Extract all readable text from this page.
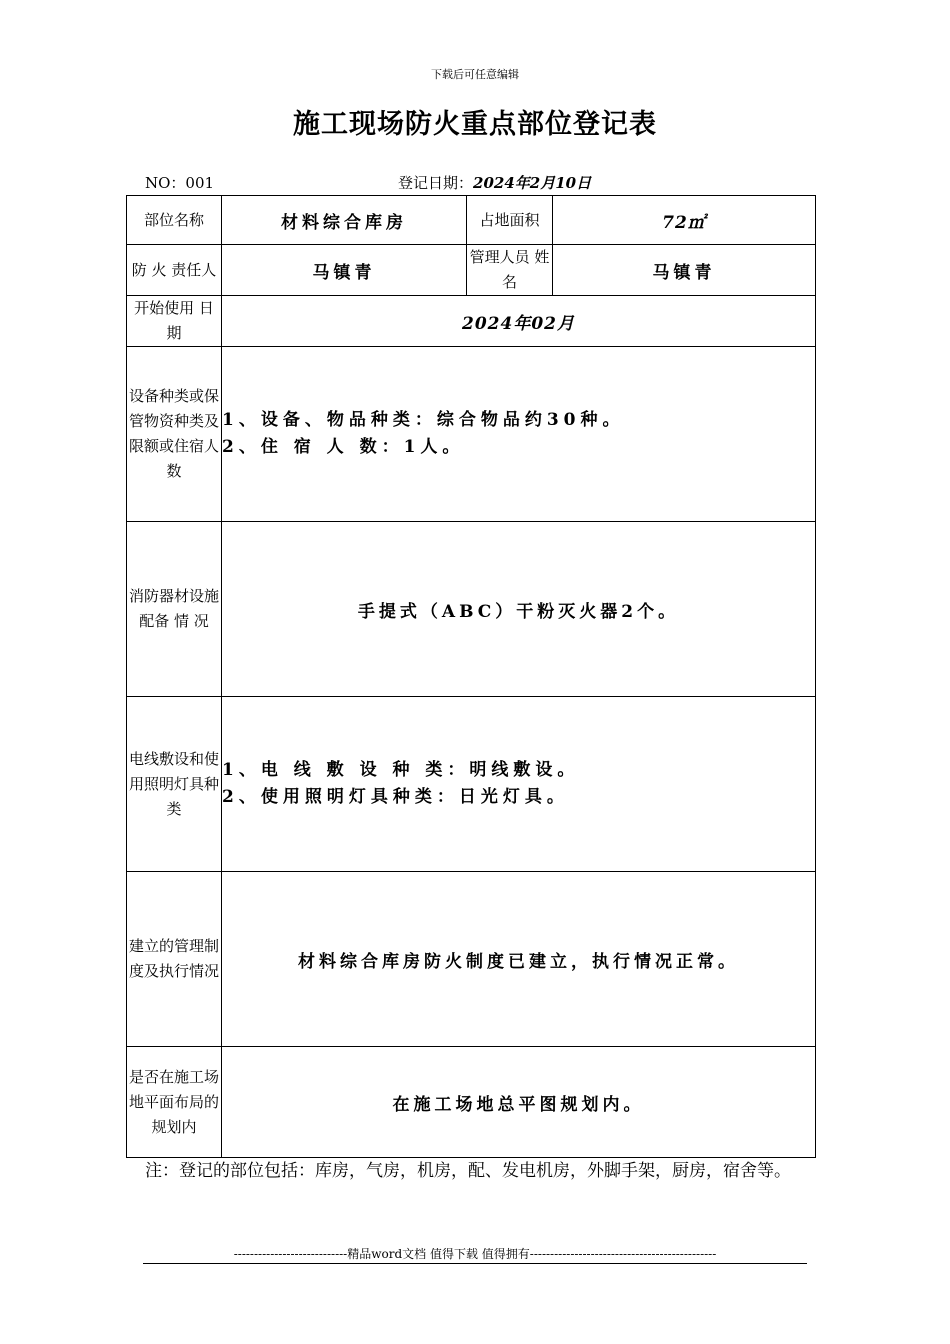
下载后可任意编辑
施工现场防火重点部位登记表
NO：001	登记日期：2024年2月10日
部位名称	材料综合库房	占地面积	72㎡
防 火 责任人	马镇青	管理人员 姓 名	马镇青
开始使用 日 期	2024年02月		
设备种类或保管物资种类及限额或住宿人数	1、设备、物品种类：综合物品约30种。
2、住 宿 人 数：1人。		

消防器材设施配备 情 况	手提式（ABC）干粉灭火器2个。		
电线敷设和使用照明灯具种类	1、电 线 敷 设 种 类：明线敷设。
2、使用照明灯具种类：日光灯具。		

建立的管理制度及执行情况	材料综合库房防火制度已建立，执行情况正常。		
是否在施工场地平面布局的规划内	在施工场地总平图规划内。		
注：登记的部位包括：库房，气房，机房，配、发电机房，外脚手架，厨房，宿舍等。
----------------------------精品word文档 值得下载 值得拥有----------------------------------------------
